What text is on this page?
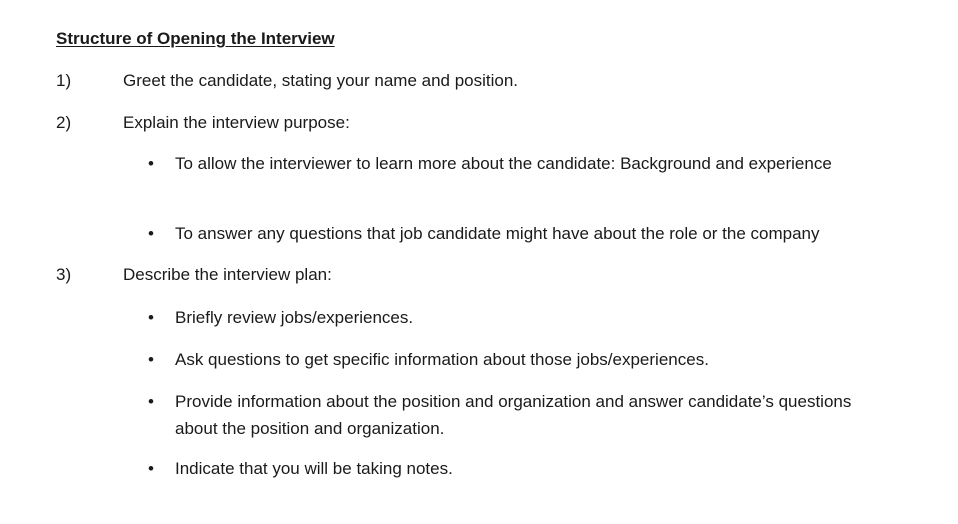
Structure of Opening the Interview
1)	Greet the candidate, stating your name and position.
2)	Explain the interview purpose:
• To allow the interviewer to learn more about the candidate: Background and experience
• To answer any questions that job candidate might have about the role or the company
3)	Describe the interview plan:
• Briefly review jobs/experiences.
• Ask questions to get specific information about those jobs/experiences.
• Provide information about the position and organization and answer candidate’s questions about the position and organization.
• Indicate that you will be taking notes.
